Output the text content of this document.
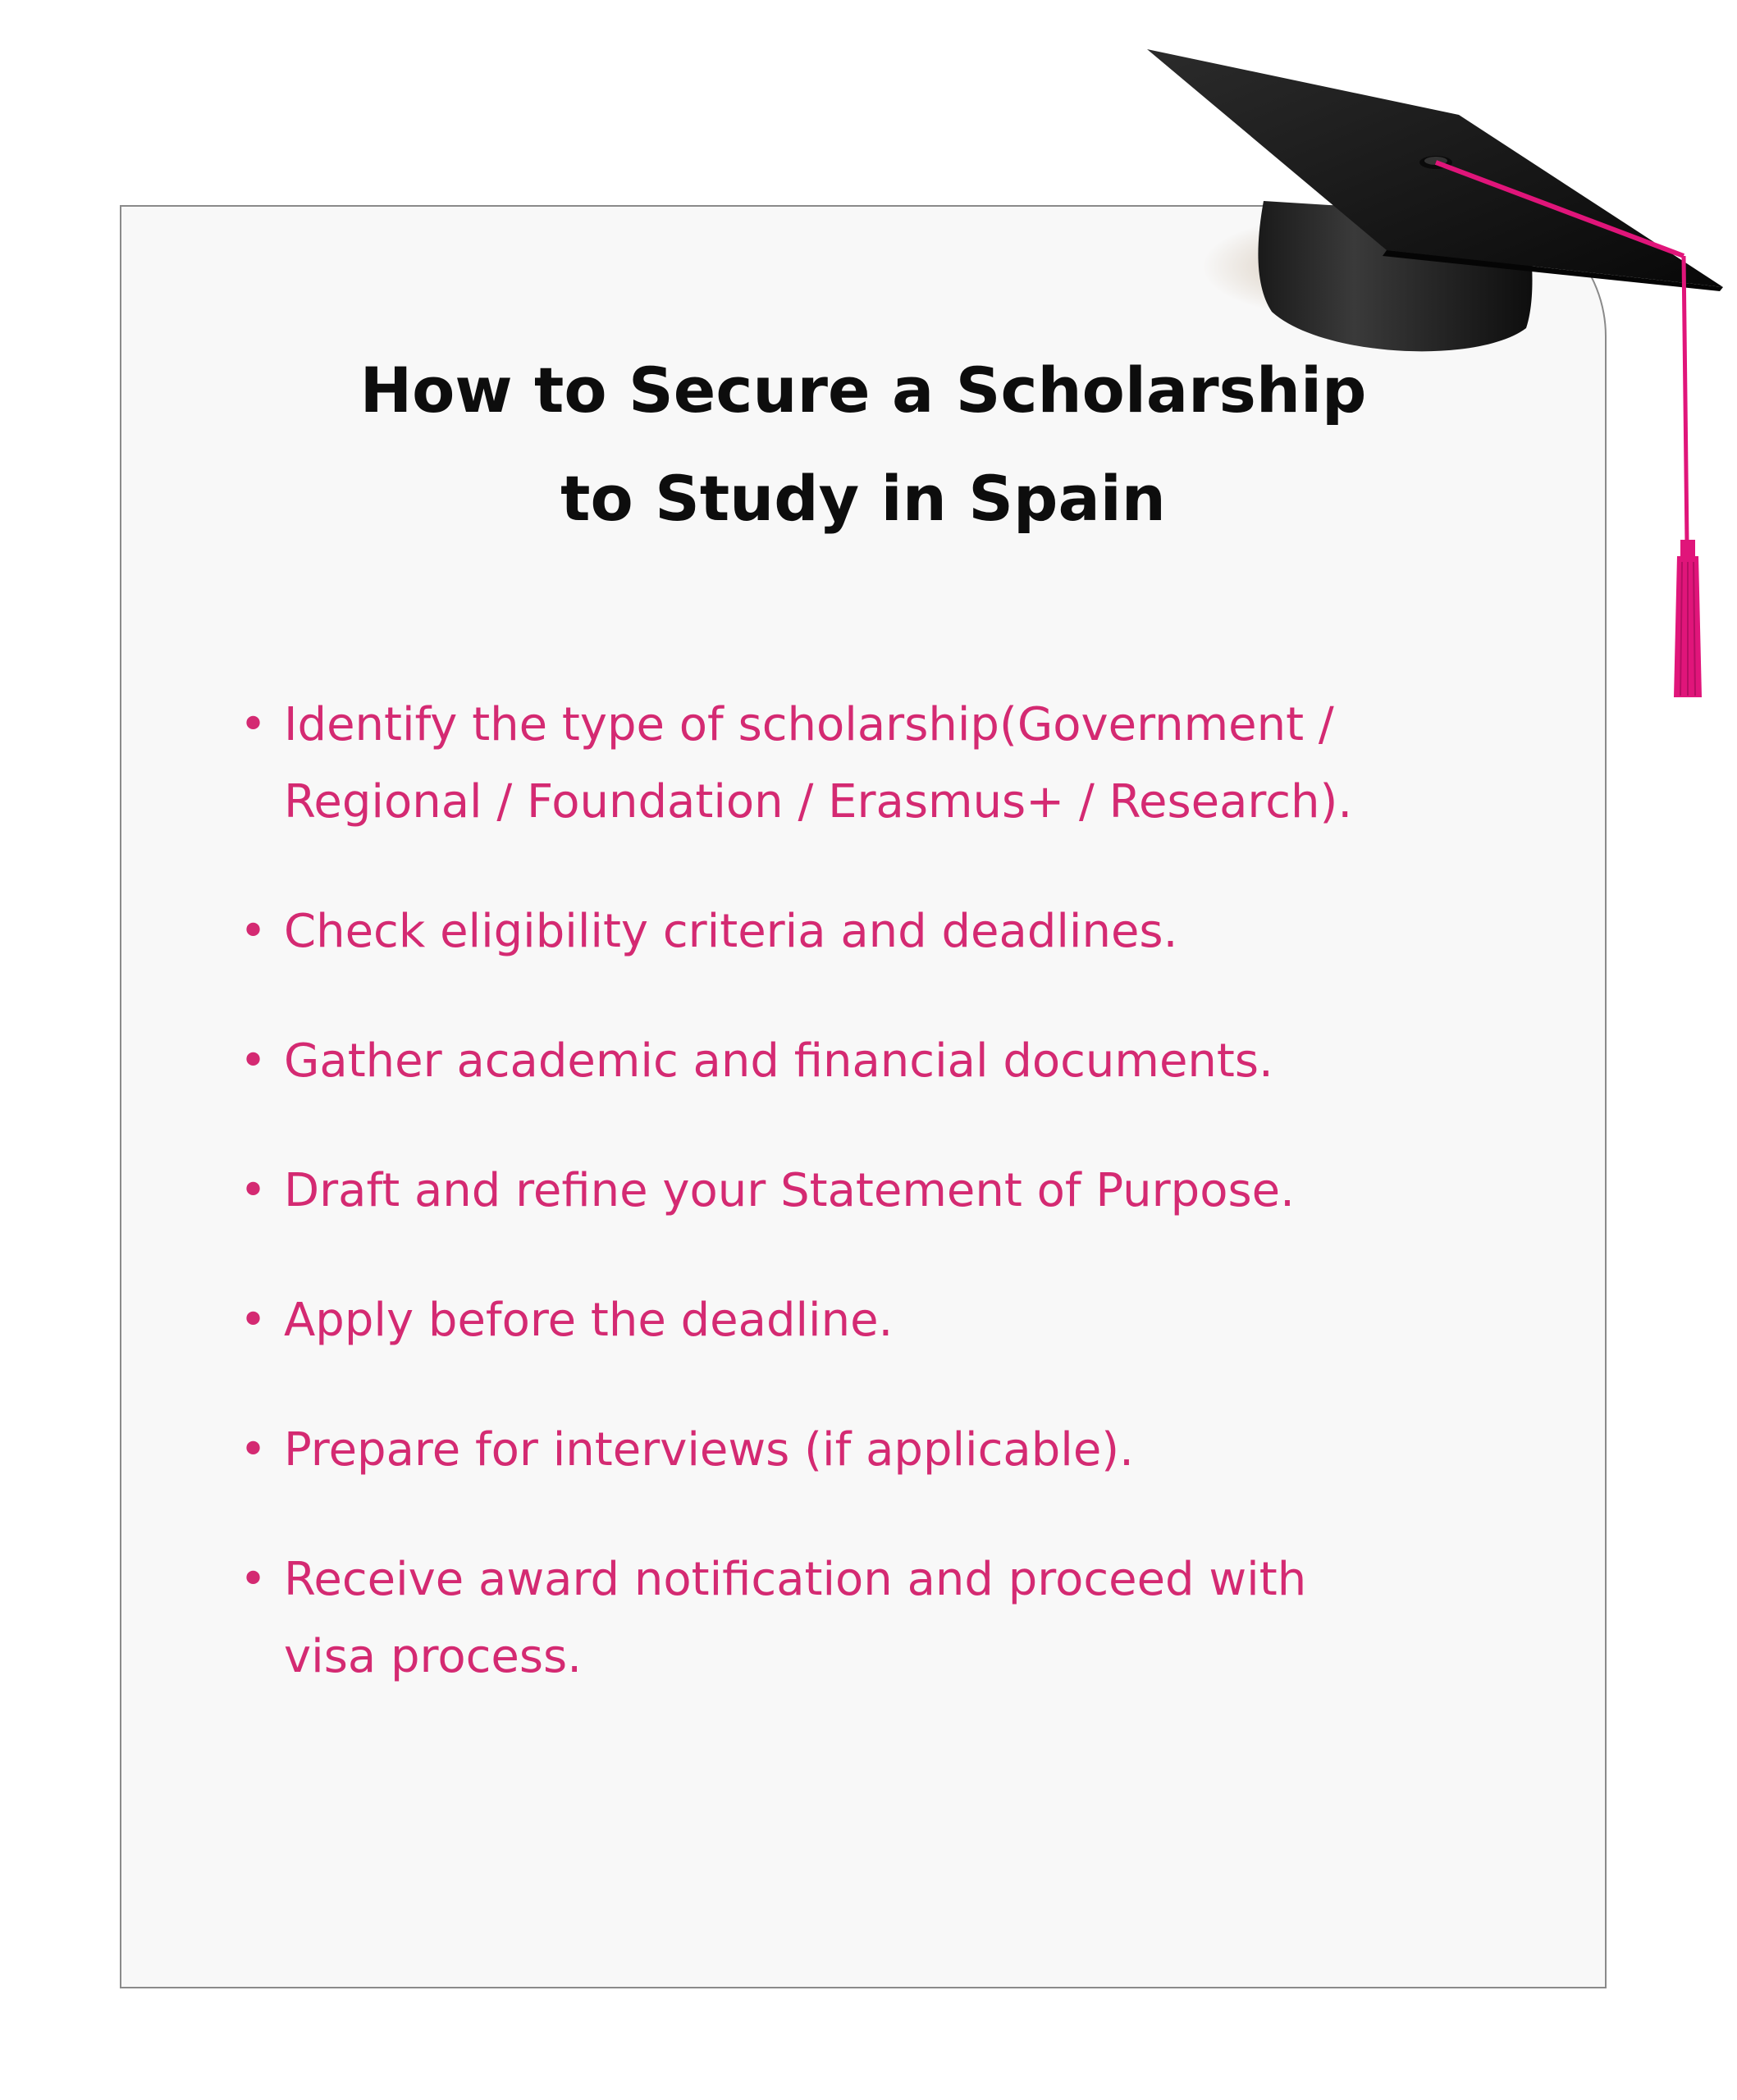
How to Secure a Scholarship
to Study in Spain
• Identify the type of scholarship(Government /
Regional / Foundation / Erasmus+ / Research).
• Check eligibility criteria and deadlines.
• Gather academic and financial documents.
• Draft and refine your Statement of Purpose.
• Apply before the deadline.
• Prepare for interviews (if applicable).
• Receive award notification and proceed with
visa process.
